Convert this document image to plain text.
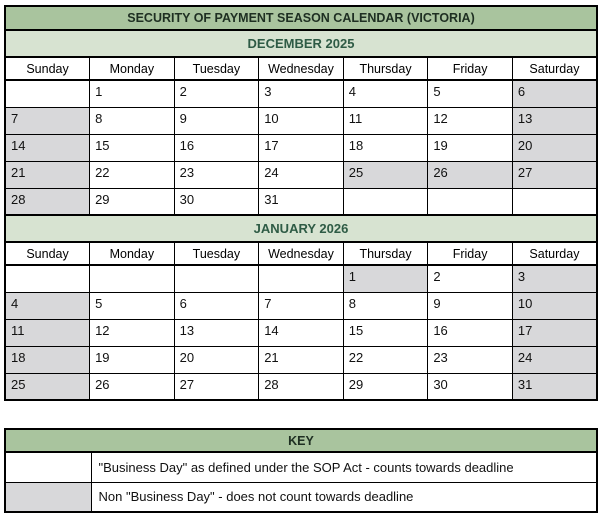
SECURITY OF PAYMENT SEASON CALENDAR (VICTORIA)						
DECEMBER 2025						
Sunday	Monday	Tuesday	Wednesday	Thursday	Friday	Saturday
	1	2	3	4	5	6
7	8	9	10	11	12	13
14	15	16	17	18	19	20
21	22	23	24	25	26	27
28	29	30	31			
JANUARY 2026						
Sunday	Monday	Tuesday	Wednesday	Thursday	Friday	Saturday
				1	2	3
4	5	6	7	8	9	10
11	12	13	14	15	16	17
18	19	20	21	22	23	24
25	26	27	28	29	30	31
KEY	
	"Business Day" as defined under the SOP Act - counts towards deadline
	Non "Business Day" - does not count towards deadline
